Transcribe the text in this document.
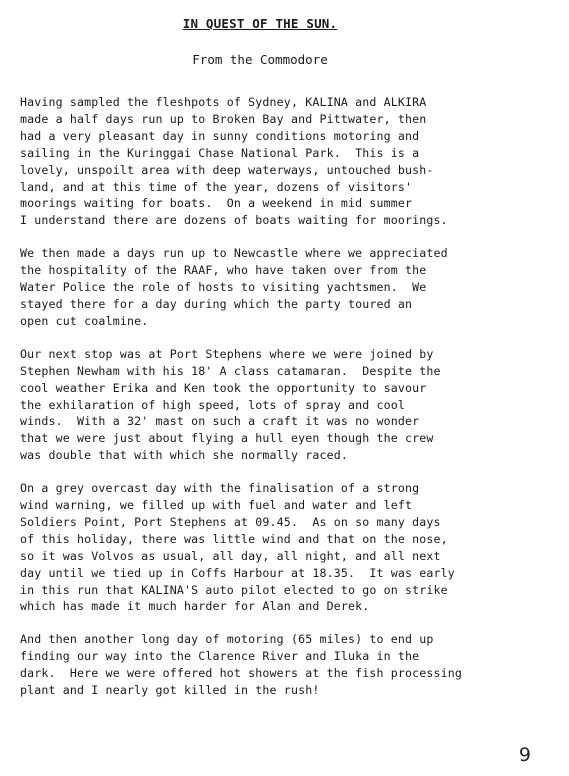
IN QUEST OF THE SUN.
From the Commodore
Having sampled the fleshpots of Sydney, KALINA and ALKIRA
made a half days run up to Broken Bay and Pittwater, then
had a very pleasant day in sunny conditions motoring and
sailing in the Kuringgai Chase National Park.  This is a
lovely, unspoilt area with deep waterways, untouched bush-
land, and at this time of the year, dozens of visitors'
moorings waiting for boats.  On a weekend in mid summer
I understand there are dozens of boats waiting for moorings.
We then made a days run up to Newcastle where we appreciated
the hospitality of the RAAF, who have taken over from the
Water Police the role of hosts to visiting yachtsmen.  We
stayed there for a day during which the party toured an
open cut coalmine.
Our next stop was at Port Stephens where we were joined by
Stephen Newham with his 18' A class catamaran.  Despite the
cool weather Erika and Ken took the opportunity to savour
the exhilaration of high speed, lots of spray and cool
winds.  With a 32' mast on such a craft it was no wonder
that we were just about flying a hull eyen though the crew
was double that with which she normally raced.
On a grey overcast day with the finalisation of a strong
wind warning, we filled up with fuel and water and left
Soldiers Point, Port Stephens at 09.45.  As on so many days
of this holiday, there was little wind and that on the nose,
so it was Volvos as usual, all day, all night, and all next
day until we tied up in Coffs Harbour at 18.35.  It was early
in this run that KALINA'S auto pilot elected to go on strike
which has made it much harder for Alan and Derek.
And then another long day of motoring (65 miles) to end up
finding our way into the Clarence River and Iluka in the
dark.  Here we were offered hot showers at the fish processing
plant and I nearly got killed in the rush!
9
